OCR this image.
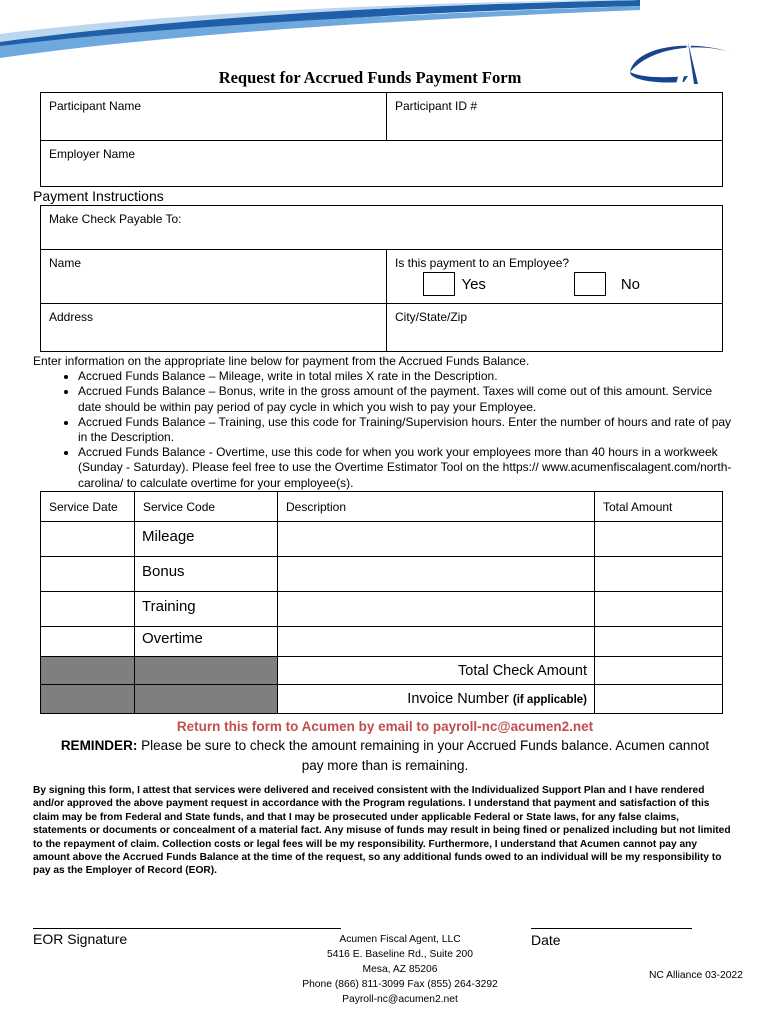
Request for Accrued Funds Payment Form
Participant Name	Participant ID #

Employer Name
Payment Instructions
Make Check Payable To:	

Name	Is this payment to an Employee?
Yes No

Address	City/State/Zip
Enter information on the appropriate line below for payment from the Accrued Funds Balance.
• Accrued Funds Balance – Mileage, write in total miles X rate in the Description.
• Accrued Funds Balance – Bonus, write in the gross amount of the payment. Taxes will come out of this amount. Service date should be within pay period of pay cycle in which you wish to pay your Employee.
• Accrued Funds Balance – Training, use this code for Training/Supervision hours. Enter the number of hours and rate of pay in the Description.
• Accrued Funds Balance - Overtime, use this code for when you work your employees more than 40 hours in a workweek (Sunday - Saturday). Please feel free to use the Overtime Estimator Tool on the https:// www.acumenfiscalagent.com/north-carolina/ to calculate overtime for your employee(s).
Service Date	Service Code	Description	Total Amount

	Mileage		

	Bonus		

	Training		

	Overtime		

		Total Check Amount	

		Invoice Number (if applicable)	

Return this form to Acumen by email to payroll-nc@acumen2.net
REMINDER: Please be sure to check the amount remaining in your Accrued Funds balance. Acumen cannot pay more than is remaining.
By signing this form, I attest that services were delivered and received consistent with the Individualized Support Plan and I have rendered and/or approved the above payment request in accordance with the Program regulations. I understand that payment and satisfaction of this claim may be from Federal and State funds, and that I may be prosecuted under applicable Federal or State laws, for any false claims, statements or documents or concealment of a material fact. Any misuse of funds may result in being fined or penalized including but not limited to the repayment of claim. Collection costs or legal fees will be my responsibility. Furthermore, I understand that Acumen cannot pay any amount above the Accrued Funds Balance at the time of the request, so any additional funds owed to an individual will be my responsibility to pay as the Employer of Record (EOR).
EOR Signature	Date
Acumen Fiscal Agent, LLC
5416 E. Baseline Rd., Suite 200
Mesa, AZ 85206
Phone (866) 811-3099 Fax (855) 264-3292
Payroll-nc@acumen2.net
NC Alliance 03-2022
